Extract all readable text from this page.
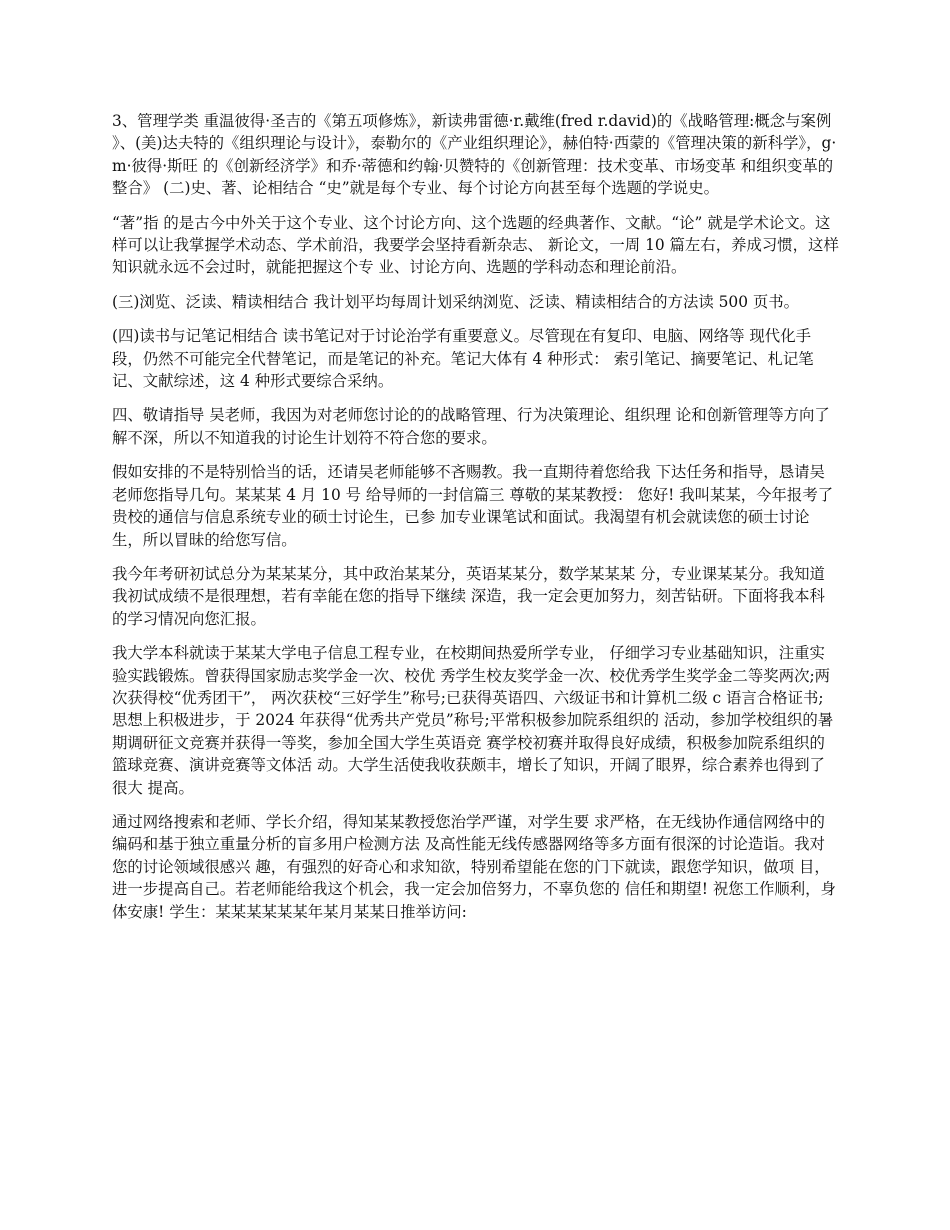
3、管理学类 重温彼得·圣吉的《第五项修炼》，新读弗雷德·r.戴维(fred r.david)的《战略管理:概念与案例 》、(美)达夫特的《组织理论与设计》，泰勒尔的《产业组织理论》，赫伯特·西蒙的《管理决策的新科学》，g·m·彼得·斯旺 的《创新经济学》和乔·蒂德和约翰·贝赞特的《创新管理：技术变革、市场变革 和组织变革的整合》 (二)史、著、论相结合 “史”就是每个专业、每个讨论方向甚至每个选题的学说史。

“著”指 的是古今中外关于这个专业、这个讨论方向、这个选题的经典著作、文献。“论” 就是学术论文。这样可以让我掌握学术动态、学术前沿，我要学会坚持看新杂志、 新论文，一周 10 篇左右，养成习惯，这样知识就永远不会过时，就能把握这个专 业、讨论方向、选题的学科动态和理论前沿。

(三)浏览、泛读、精读相结合 我计划平均每周计划采纳浏览、泛读、精读相结合的方法读 500 页书。

(四)读书与记笔记相结合 读书笔记对于讨论治学有重要意义。尽管现在有复印、电脑、网络等 现代化手段，仍然不可能完全代替笔记，而是笔记的补充。笔记大体有 4 种形式： 索引笔记、摘要笔记、札记笔记、文献综述，这 4 种形式要综合采纳。

四、敬请指导 吴老师，我因为对老师您讨论的的战略管理、行为决策理论、组织理 论和创新管理等方向了解不深，所以不知道我的讨论生计划符不符合您的要求。

假如安排的不是特别恰当的话，还请吴老师能够不吝赐教。我一直期待着您给我 下达任务和指导，恳请吴老师您指导几句。某某某 4 月 10 号 给导师的一封信篇三 尊敬的某某教授： 您好! 我叫某某，今年报考了贵校的通信与信息系统专业的硕士讨论生，已参 加专业课笔试和面试。我渴望有机会就读您的硕士讨论生，所以冒昧的给您写信。

我今年考研初试总分为某某某分，其中政治某某分，英语某某分，数学某某某 分，专业课某某分。我知道我初试成绩不是很理想，若有幸能在您的指导下继续 深造，我一定会更加努力，刻苦钻研。下面将我本科的学习情况向您汇报。

我大学本科就读于某某大学电子信息工程专业，在校期间热爱所学专业， 仔细学习专业基础知识，注重实验实践锻炼。曾获得国家励志奖学金一次、校优 秀学生校友奖学金一次、校优秀学生奖学金二等奖两次;两次获得校“优秀团干”， 两次获校“三好学生”称号;已获得英语四、六级证书和计算机二级 c 语言合格证书; 思想上积极进步，于 2024 年获得“优秀共产党员”称号;平常积极参加院系组织的 活动，参加学校组织的暑期调研征文竞赛并获得一等奖，参加全国大学生英语竞 赛学校初赛并取得良好成绩，积极参加院系组织的篮球竞赛、演讲竞赛等文体活 动。大学生活使我收获颇丰，增长了知识，开阔了眼界，综合素养也得到了很大 提高。

通过网络搜索和老师、学长介绍，得知某某教授您治学严谨，对学生要 求严格，在无线协作通信网络中的编码和基于独立重量分析的盲多用户检测方法 及高性能无线传感器网络等多方面有很深的讨论造诣。我对您的讨论领域很感兴 趣，有强烈的好奇心和求知欲，特别希望能在您的门下就读，跟您学知识，做项 目，进一步提高自己。若老师能给我这个机会，我一定会加倍努力，不辜负您的 信任和期望! 祝您工作顺利，身体安康! 学生：某某某某某某年某月某某日推举访问:
